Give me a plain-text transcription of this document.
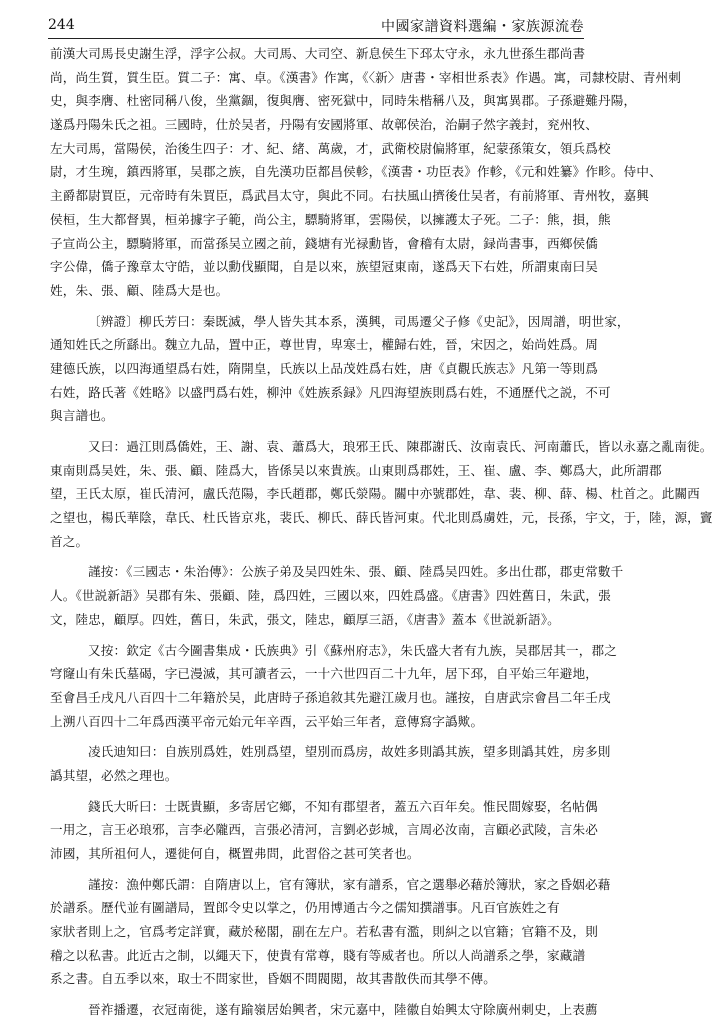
244	中國家譜資料選編・家族源流卷
前漢大司馬長史謝生浮，浮字公叔。大司馬、大司空、新息侯生下邳太守永，永九世孫生郡尚書
尚，尚生質，質生臣。質二子：寓、卓。《漢書》作寓，《〈新〉唐書・宰相世系表》作遇。寓，司隸校尉、青州刺
史，與李膺、杜密同稱八俊，坐黨錮，復與膺、密死獄中，同時朱楷稱八及，與寓異郡。子孫避難丹陽，
遂爲丹陽朱氏之祖。三國時，仕於吴者，丹陽有安國將軍、故鄣侯治，治嗣子然字義封，兖州牧、
左大司馬，當陽侯，治後生四子：才、紀、緒、萬歲，才，武衛校尉偏將軍，紀蒙孫策女，領兵爲校
尉，才生琬，鎮西將軍，吴郡之族，自先漢功臣都昌侯軫，《漢書・功臣表》作軫，《元和姓纂》作畛。侍中、
主爵都尉買臣，元帝時有朱買臣，爲武昌太守，與此不同。右扶風山擠後仕吴者，有前將軍、青州牧，嘉興
侯桓，生大都督異，桓弟據字子範，尚公主，驃騎將軍，雲陽侯，以擁護太子死。二子：熊，損，熊
子宣尚公主，驃騎將軍，而當孫吴立國之前，錢塘有光禄勳皆，會稽有太尉，録尚書事，西鄉侯僑
字公偉，僑子豫章太守皓，並以勳伐顯聞，自是以來，族望冠東南，遂爲天下右姓，所謂東南曰吴
姓，朱、張、顧、陸爲大是也。
〔辨證〕柳氏芳曰：秦既滅，學人皆失其本系，漢興，司馬遷父子修《史記》，因周譜，明世家，
通知姓氏之所繇出。魏立九品，置中正，尊世胄，卑寒士，權歸右姓，晉，宋因之，始尚姓爲。周
建德氏族，以四海通望爲右姓，隋開皇，氏族以上品茂姓爲右姓，唐《貞觀氏族志》凡第一等則爲
右姓，路氏著《姓略》以盛門爲右姓，柳沖《姓族系録》凡四海望族則爲右姓，不通歷代之説，不可
與言譜也。
又曰：過江則爲僑姓，王、謝、袁、蕭爲大，琅邪王氏、陳郡謝氏、汝南袁氏、河南蕭氏，皆以永嘉之亂南徙。
東南則爲吴姓，朱、張、顧、陸爲大，皆係吴以來貴族。山東則爲郡姓，王、崔、盧、李、鄭爲大，此所謂郡
望，王氏太原，崔氏清河，盧氏范陽，李氏趙郡，鄭氏滎陽。關中亦號郡姓，韋、裴、柳、薛、楊、杜首之。此關西
之望也，楊氏華陰，韋氏、杜氏皆京兆，裴氏、柳氏、薛氏皆河東。代北則爲虜姓，元，長孫，宇文，于，陸，源，竇
首之。
謹按：《三國志・朱治傳》：公族子弟及吴四姓朱、張、顧、陸爲吴四姓。多出仕郡，郡吏常數千
人。《世説新語》吴郡有朱、張顧、陸，爲四姓，三國以來，四姓爲盛。《唐書》四姓舊日，朱武，張
文，陸忠，顧厚。四姓，舊日，朱武，張文，陸忠，顧厚三語，《唐書》蓋本《世説新語》。
又按：欽定《古今圖書集成・氏族典》引《蘇州府志》，朱氏盛大者有九族，吴郡居其一，郡之
穹窿山有朱氏墓碣，字已漫滅，其可讀者云，一十六世四百二十九年，居下邳，自平始三年避地，
至會昌壬戌凡八百四十二年籍於吴，此唐時子孫追敘其先避江歲月也。謹按，自唐武宗會昌二年壬戌
上溯八百四十二年爲西漢平帝元始元年辛酉，云平始三年者，意傳寫字譌歟。
凌氏迪知曰：自族別爲姓，姓別爲望，望別而爲房，故姓多則譌其族，望多則譌其姓，房多則
譌其望，必然之理也。
錢氏大昕曰：士既貴顯，多寄居它鄉，不知有郡望者，蓋五六百年矣。惟民間嫁娶，名帖偶
一用之，言王必琅邪，言李必隴西，言張必清河，言劉必彭城，言周必汝南，言顧必武陵，言朱必
沛國，其所祖何人，遷徙何自，概置弗問，此習俗之甚可笑者也。
謹按：漁仲鄭氏謂：自隋唐以上，官有簿狀，家有譜系，官之選舉必藉於簿狀，家之昏姻必藉
於譜系。歷代並有圖譜局，置郎令史以掌之，仍用博通古今之儒知撰譜事。凡百官族姓之有
家狀者則上之，官爲考定詳實，藏於秘閣，副在左户。若私書有濫，則糾之以官籍；官籍不及，則
稽之以私書。此近古之制，以繩天下，使貴有常尊，賤有等威者也。所以人尚譜系之學，家藏譜
系之書。自五季以來，取士不問家世，昏姻不問閥閲，故其書散佚而其學不傳。
晉祚播遷，衣冠南徙，遂有踰嶺居始興者，宋元嘉中，陸徽自始興太守除廣州刺史，上表薦
